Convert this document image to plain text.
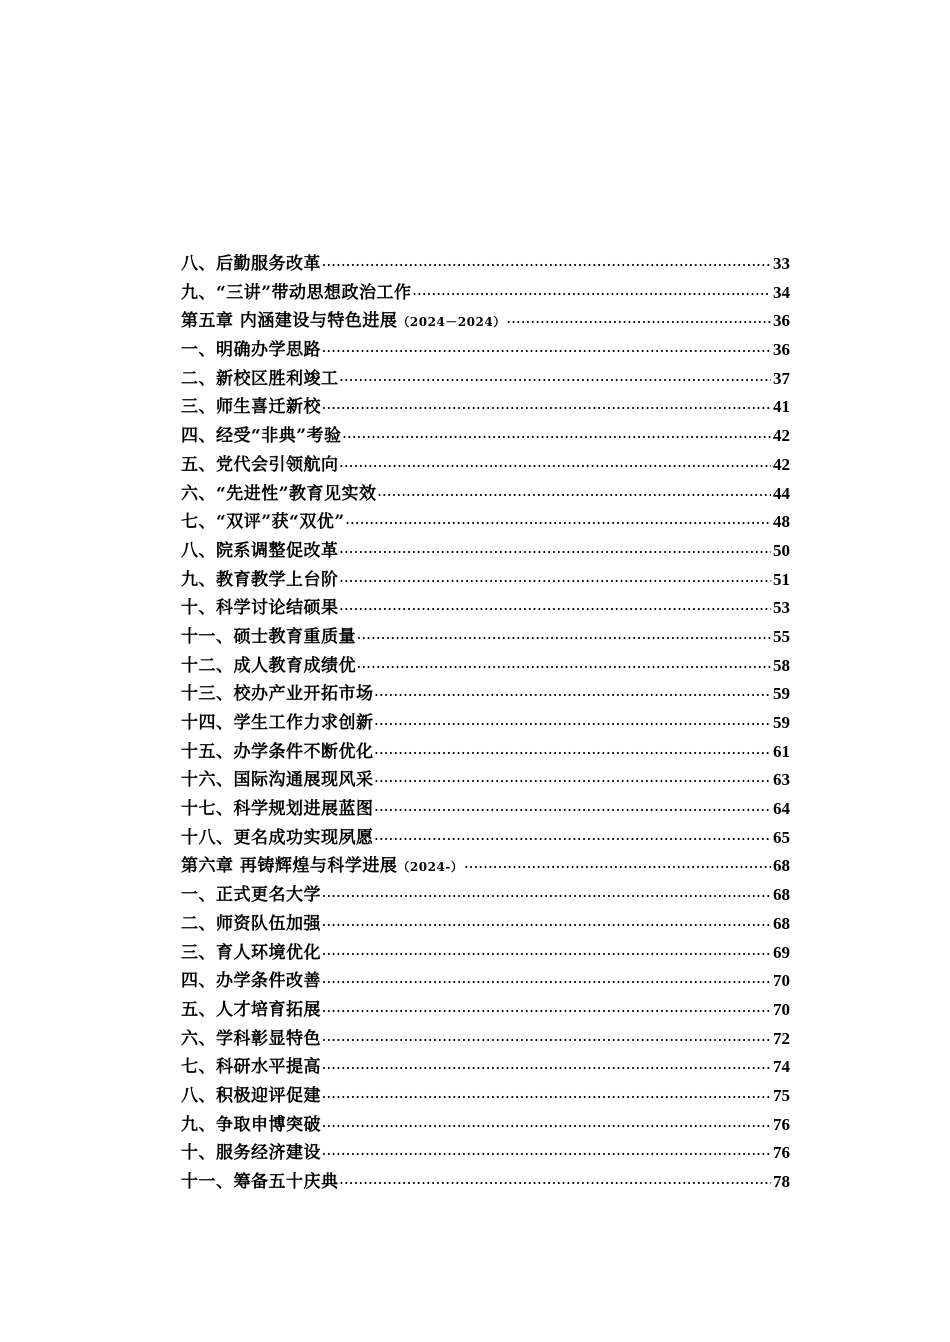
八、后勤服务改革 ·····	33
九、“三讲”带动思想政治工作 ·····	34
第五章 内涵建设与特色进展（2024－2024） ·····	36
一、明确办学思路 ·····	36
二、新校区胜利竣工 ·····	37
三、师生喜迁新校 ·····	41
四、经受“非典”考验 ·····	42
五、党代会引领航向 ·····	42
六、“先进性”教育见实效 ·····	44
七、“双评”获“双优” ·····	48
八、院系调整促改革 ·····	50
九、教育教学上台阶 ·····	51
十、科学讨论结硕果 ·····	53
十一、硕士教育重质量 ·····	55
十二、成人教育成绩优 ·····	58
十三、校办产业开拓市场 ·····	59
十四、学生工作力求创新 ·····	59
十五、办学条件不断优化 ·····	61
十六、国际沟通展现风采 ·····	63
十七、科学规划进展蓝图 ·····	64
十八、更名成功实现夙愿 ·····	65
第六章 再铸辉煌与科学进展（2024-） ·····	68
一、正式更名大学 ·····	68
二、师资队伍加强 ·····	68
三、育人环境优化 ·····	69
四、办学条件改善 ·····	70
五、人才培育拓展 ·····	70
六、学科彰显特色 ·····	72
七、科研水平提高 ·····	74
八、积极迎评促建 ·····	75
九、争取申博突破 ·····	76
十、服务经济建设 ·····	76
十一、筹备五十庆典 ·····	78
